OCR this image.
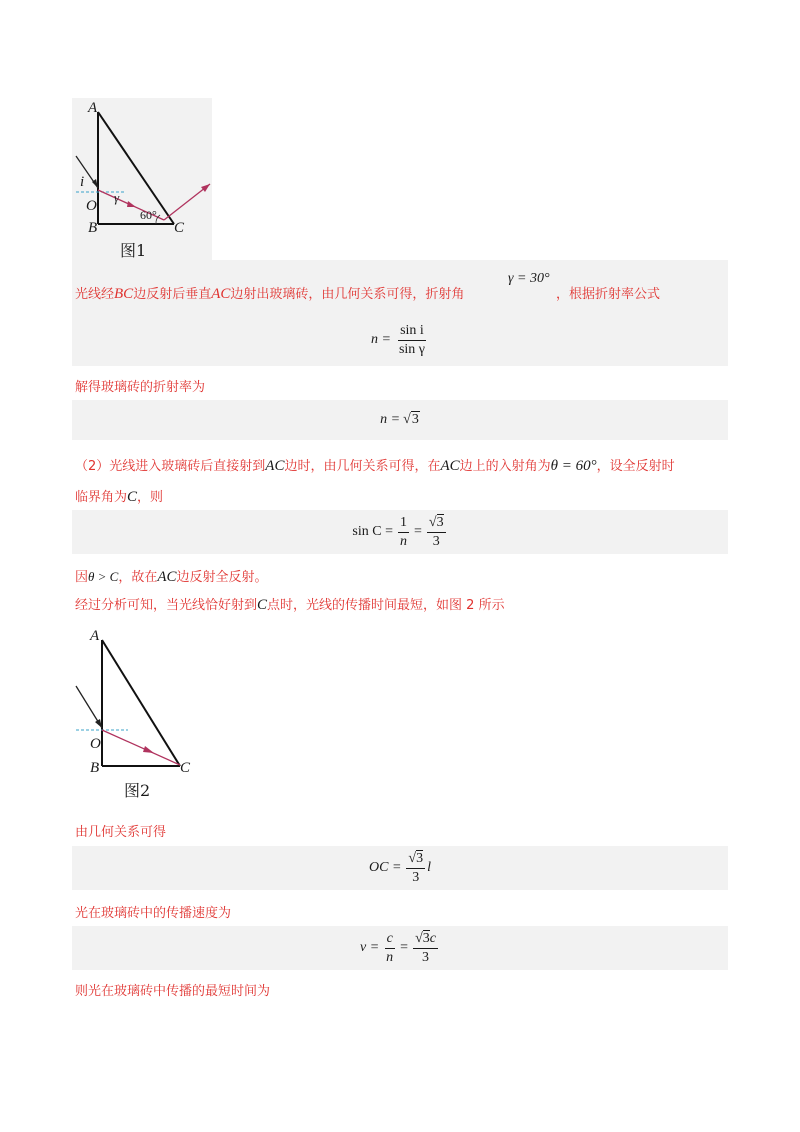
A
i
γ
O
60°
B	C
图1
光线经BC边反射后垂直AC边射出玻璃砖，由几何关系可得，折射角
γ = 30°
，根据折射率公式
$n = \frac{\text{sin i}}{\text{sin γ}}$
解得玻璃砖的折射率为
n = √3
（2）光线进入玻璃砖后直接射到AC边时，由几何关系可得，在AC边上的入射角为θ = 60°，设全反射时
临界角为C，则
$\sin C = \frac{1}{n} = \frac{√3}{3}$
因θ > C，故在AC边反射全反射。
经过分析可知，当光线恰好射到C点时，光线的传播时间最短，如图 2 所示
A
O
B	C
图2
由几何关系可得
OC = $\frac{√3}{3}$ l
光在玻璃砖中的传播速度为
$v = \frac{c}{n} = \frac{√3c}{3}$
则光在玻璃砖中传播的最短时间为
